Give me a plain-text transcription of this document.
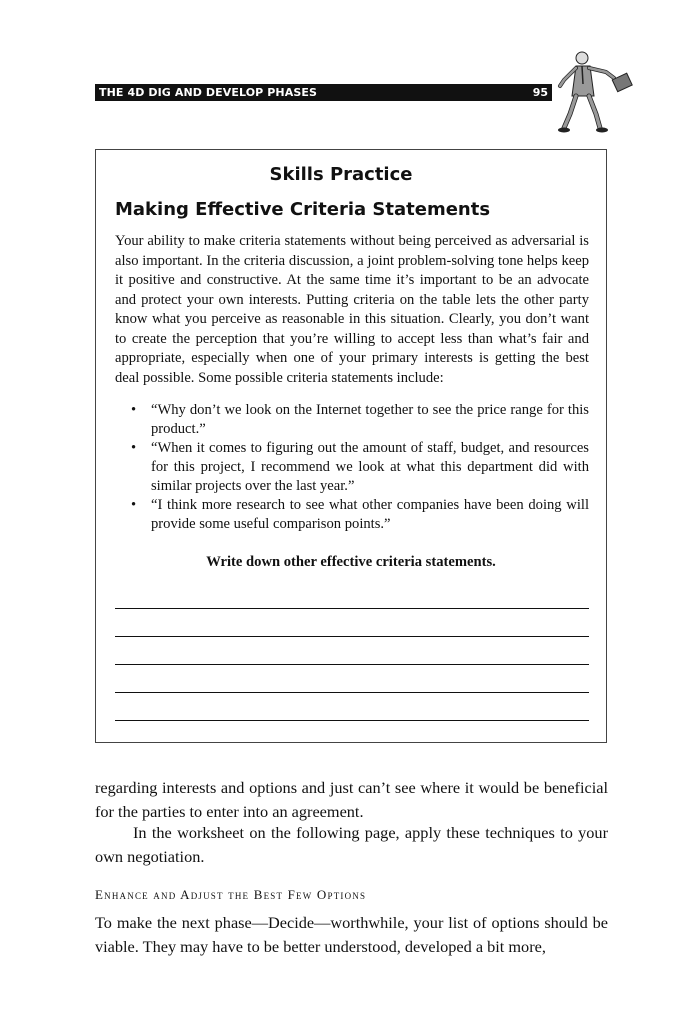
THE 4D DIG AND DEVELOP PHASES	95
Skills Practice
Making Effective Criteria Statements

Your ability to make criteria statements without being perceived as adversarial is also important. In the criteria discussion, a joint problem-solving tone helps keep it positive and constructive. At the same time it’s important to be an advocate and protect your own interests. Putting criteria on the table lets the other party know what you perceive as reasonable in this situation. Clearly, you don’t want to create the perception that you’re willing to accept less than what’s fair and appropriate, especially when one of your primary interests is getting the best deal possible. Some possible criteria statements include:

• “Why don’t we look on the Internet together to see the price range for this product.”
• “When it comes to figuring out the amount of staff, budget, and resources for this project, I recommend we look at what this department did with similar projects over the last year.”
• “I think more research to see what other companies have been doing will provide some useful comparison points.”
Write down other effective criteria statements.

regarding interests and options and just can’t see where it would be beneficial for the parties to enter into an agreement.

In the worksheet on the following page, apply these techniques to your own negotiation.

Enhance and Adjust the Best Few Options

To make the next phase—Decide—worthwhile, your list of options should be viable. They may have to be better understood, developed a bit more,
